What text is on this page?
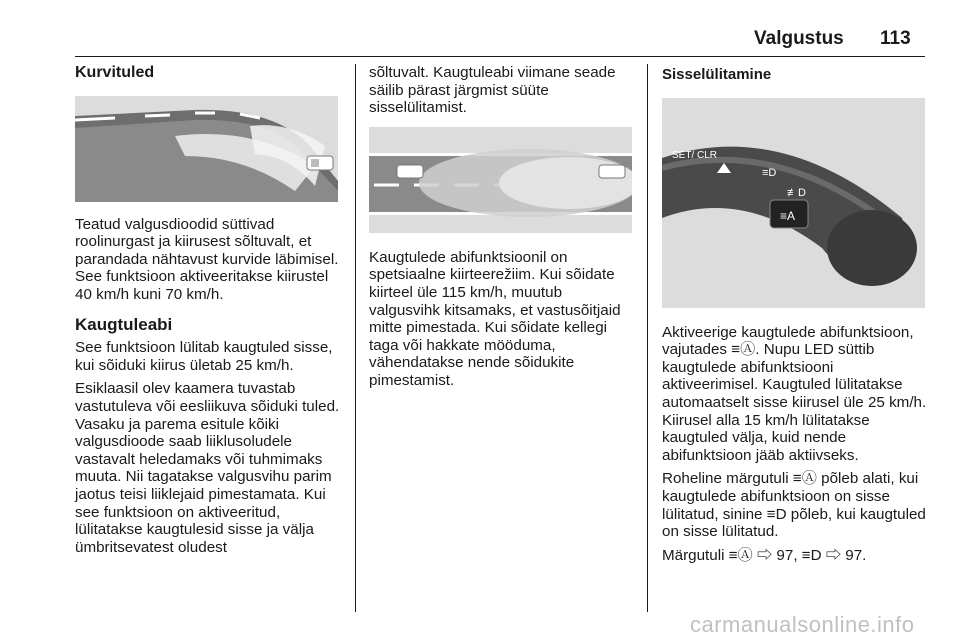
Valgustus 113
Kurvituled

Teatud valgusdioodid süttivad roolinurgast ja kiirusest sõltuvalt, et parandada nähtavust kurvide läbimisel. See funktsioon aktiveeritakse kiirustel 40 km/h kuni 70 km/h.

Kaugtuleabi

See funktsioon lülitab kaugtuled sisse, kui sõiduki kiirus ületab 25 km/h.

Esiklaasil olev kaamera tuvastab vastutuleva või eesliikuva sõiduki tuled. Vasaku ja parema esitule kõiki valgusdioode saab liiklusoludele vastavalt heledamaks või tuhmimaks muuta. Nii tagatakse valgusvihu parim jaotus teisi liiklejaid pimestamata. Kui see funktsioon on aktiveeritud, lülitatakse kaugtulesid sisse ja välja ümbritsevatest oludest

sõltuvalt. Kaugtuleabi viimane seade säilib pärast järgmist süüte sisselülitamist.

Kaugtulede abifunktsioonil on spetsiaalne kiirteerežiim. Kui sõidate kiirteel üle 115 km/h, muutub valgusvihk kitsamaks, et vastusõitjaid mitte pimestada. Kui sõidate kellegi taga või hakkate mööduma, vähendatakse nende sõidukite pimestamist.

Sisselülitamine
SET/ CLR
≡D
≢D
≡A

Aktiveerige kaugtulede abifunktsioon, vajutades ≡Ⓐ. Nupu LED süttib kaugtulede abifunktsiooni aktiveerimisel. Kaugtuled lülitatakse automaatselt sisse kiirusel üle 25 km/h. Kiirusel alla 15 km/h lülitatakse kaugtuled välja, kuid nende abifunktsioon jääb aktiivseks.

Roheline märgutuli ≡Ⓐ põleb alati, kui kaugtulede abifunktsioon on sisse lülitatud, sinine ≡D põleb, kui kaugtuled on sisse lülitatud.

Märgutuli ≡Ⓐ ⇨ 97, ≡D ⇨ 97.

carmanualsonline.info
